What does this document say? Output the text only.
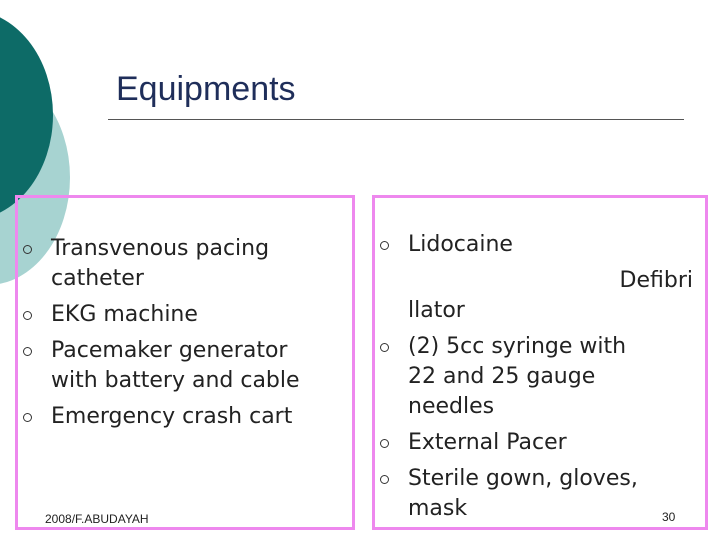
Equipments
Transvenous pacing
catheter
EKG machine
Pacemaker generator
with battery and cable
Emergency crash cart
Lidocaine
Defibri
llator
(2) 5cc syringe with
22 and 25 gauge
needles
External Pacer
Sterile gown, gloves,
mask
2008/F.ABUDAYAH	30
